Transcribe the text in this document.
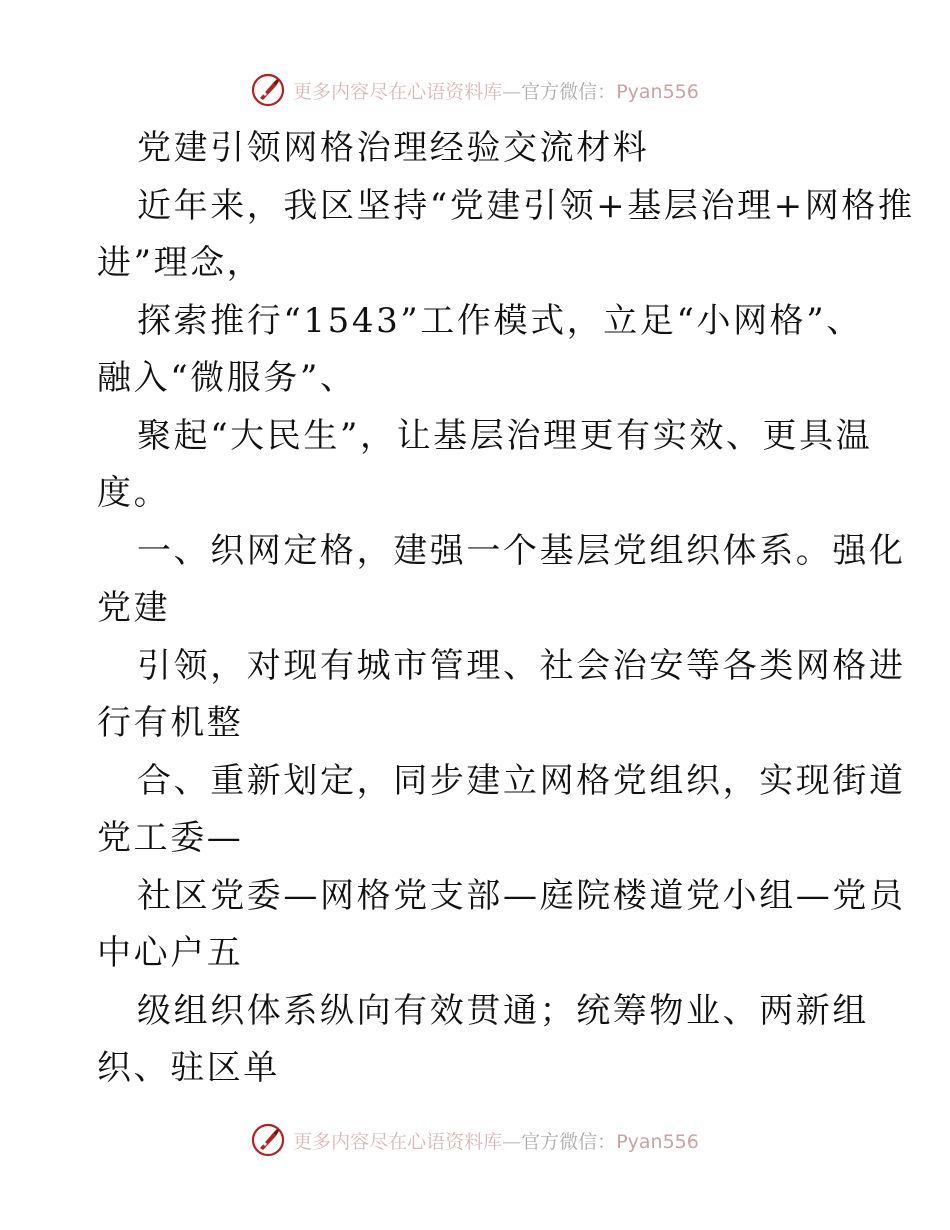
更多内容尽在心语资料库—官方微信：Pyan556
党建引领网格治理经验交流材料
近年来，我区坚持“党建引领+基层治理+网格推
进”理念，
探索推行“1543”工作模式，立足“小网格”、
融入“微服务”、
聚起“大民生”，让基层治理更有实效、更具温
度。
一、织网定格，建强一个基层党组织体系。强化
党建
引领，对现有城市管理、社会治安等各类网格进
行有机整
合、重新划定，同步建立网格党组织，实现街道
党工委—
社区党委—网格党支部—庭院楼道党小组—党员
中心户五
级组织体系纵向有效贯通；统筹物业、两新组
织、驻区单
更多内容尽在心语资料库—官方微信：Pyan556
